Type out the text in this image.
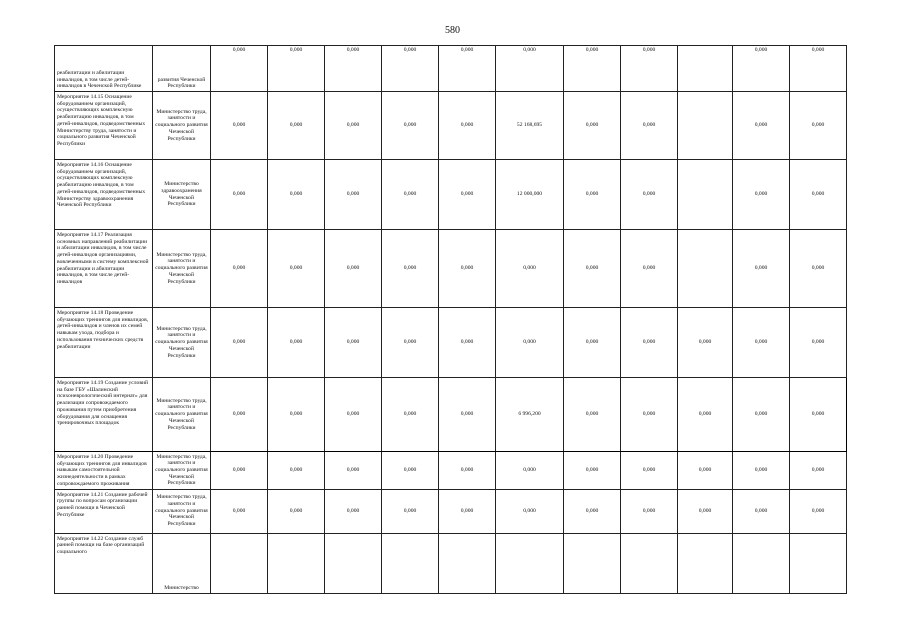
580
реабилитации и абилитации инвалидов, в том числе детей-инвалидов в Чеченской Республике	развития Чеченской Республики	0,000	0,000	0,000	0,000	0,000	0,000	0,000	0,000		0,000	0,000
Мероприятие 14.15 Оснащение оборудованием организаций, осуществляющих комплексную реабилитацию инвалидов, в том детей-инвалидов, подведомственных Министерству труда, занятости и социального развития Чеченской Республики	Министерство труда, занятости и социального развития Чеченской Республики	0,000	0,000	0,000	0,000	0,000	52 168,695	0,000	0,000		0,000	0,000
Мероприятие 14.16 Оснащение оборудованием организаций, осуществляющих комплексную реабилитацию инвалидов, в том детей-инвалидов, подведомственных Министерству здравоохранения Чеченской Республики	Министерство здравоохранения Чеченской Республики	0,000	0,000	0,000	0,000	0,000	12 000,000	0,000	0,000		0,000	0,000
Мероприятие 14.17 Реализация основных направлений реабилитации и абилитации инвалидов, в том числе детей-инвалидов организациями, вовлеченными в систему комплексной реабилитации и абилитации инвалидов, в том числе детей-инвалидов	Министерство труда, занятости и социального развития Чеченской Республики	0,000	0,000	0,000	0,000	0,000	0,000	0,000	0,000		0,000	0,000
Мероприятие 14.18 Проведение обучающих тренингов для инвалидов, детей-инвалидов и членов их семей навыкам ухода, подбора и использования технических средств реабилитации	Министерство труда, занятости и социального развития Чеченской Республики	0,000	0,000	0,000	0,000	0,000	0,000	0,000	0,000	0,000	0,000	0,000
Мероприятие 14.19 Создание условий на базе ГБУ «Шалинский психоневрологический интернат» для реализации сопровождаемого проживания путем приобретения оборудования для оснащения тренировочных площадок	Министерство труда, занятости и социального развития Чеченской Республики	0,000	0,000	0,000	0,000	0,000	6 996,200	0,000	0,000	0,000	0,000	0,000
Мероприятие 14.20 Проведение обучающих тренингов для инвалидов навыкам самостоятельной жизнедеятельности в рамках сопровождаемого проживания	Министерство труда, занятости и социального развития Чеченской Республики	0,000	0,000	0,000	0,000	0,000	0,000	0,000	0,000	0,000	0,000	0,000
Мероприятие 14.21 Создание рабочей группы по вопросам организации ранней помощи в Чеченской Республике	Министерство труда, занятости и социального развития Чеченской Республики	0,000	0,000	0,000	0,000	0,000	0,000	0,000	0,000	0,000	0,000	0,000
Мероприятие 14.22 Создание служб ранней помощи на базе организаций социального	Министерство											
